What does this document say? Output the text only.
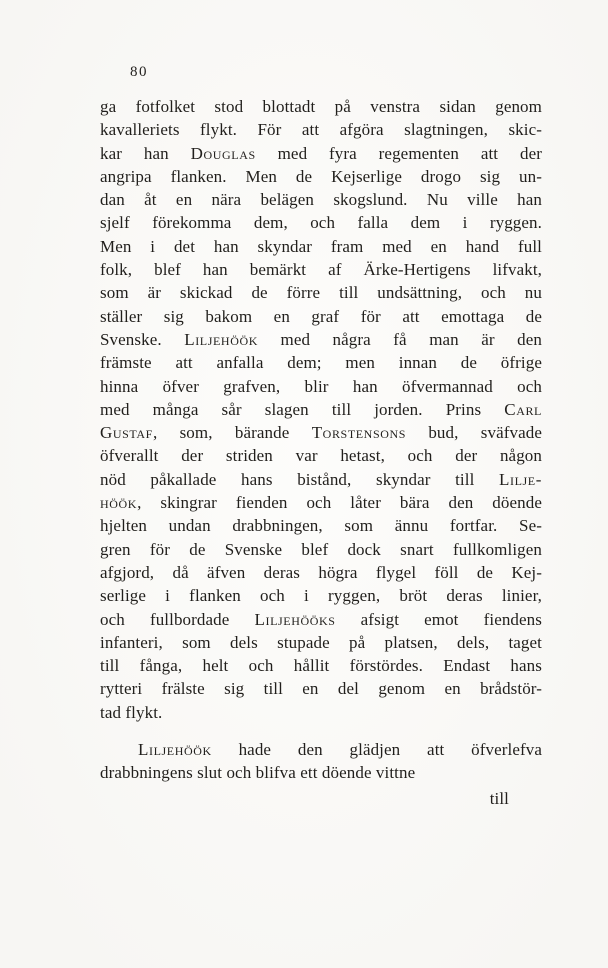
80
ga fotfolket stod blottadt på venstra sidan genom
kavalleriets flykt. För att afgöra slagtningen, skic-
kar han Douglas med fyra regementen att der
angripa flanken. Men de Kejserlige drogo sig un-
dan åt en nära belägen skogslund. Nu ville han
sjelf förekomma dem, och falla dem i ryggen.
Men i det han skyndar fram med en hand full
folk, blef han bemärkt af Ärke-Hertigens lifvakt,
som är skickad de förre till undsättning, och nu
ställer sig bakom en graf för att emottaga de
Svenske. Liljehöök med några få man är den
främste att anfalla dem; men innan de öfrige
hinna öfver grafven, blir han öfvermannad och
med många sår slagen till jorden. Prins Carl
Gustaf, som, bärande Torstensons bud, sväfvade
öfverallt der striden var hetast, och der någon
nöd påkallade hans bistånd, skyndar till Lilje-
höök, skingrar fienden och låter bära den döende
hjelten undan drabbningen, som ännu fortfar. Se-
gren för de Svenske blef dock snart fullkomligen
afgjord, då äfven deras högra flygel föll de Kej-
serlige i flanken och i ryggen, bröt deras linier,
och fullbordade Liljehööks afsigt emot fiendens
infanteri, som dels stupade på platsen, dels, taget
till fånga, helt och hållit förstördes. Endast hans
rytteri frälste sig till en del genom en brådstör-
tad flykt.
Liljehöök hade den glädjen att öfverlefva
drabbningens slut och blifva ett döende vittne
till
